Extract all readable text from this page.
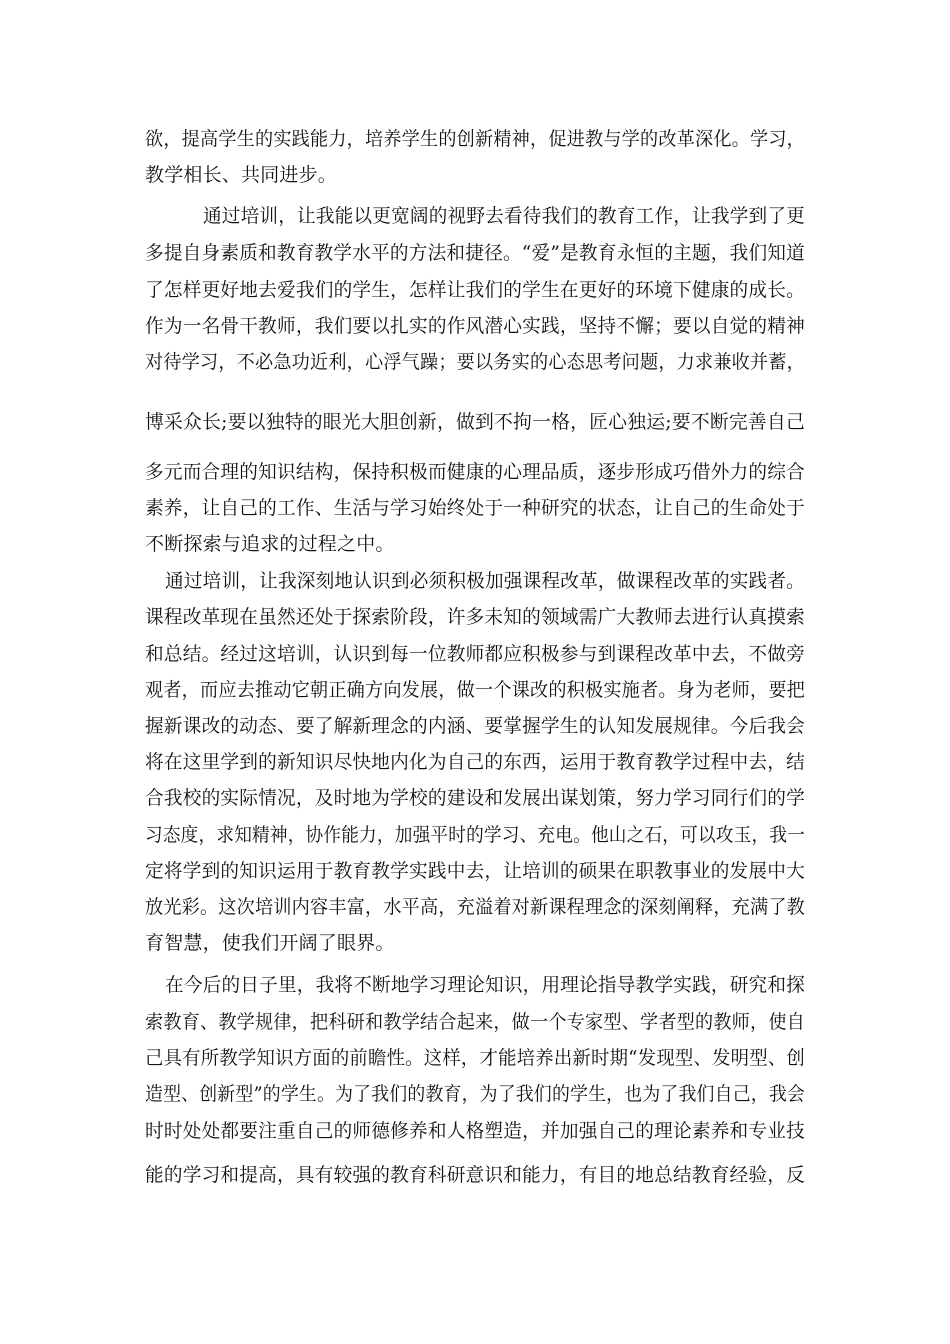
欲，提高学生的实践能力，培养学生的创新精神，促进教与学的改革深化。学习，
教学相长、共同进步。
通过培训，让我能以更宽阔的视野去看待我们的教育工作，让我学到了更
多提自身素质和教育教学水平的方法和捷径。“爱”是教育永恒的主题，我们知道
了怎样更好地去爱我们的学生，怎样让我们的学生在更好的环境下健康的成长。
作为一名骨干教师，我们要以扎实的作风潜心实践，坚持不懈；要以自觉的精神
对待学习，不必急功近利，心浮气躁；要以务实的心态思考问题，力求兼收并蓄，
博采众长;要以独特的眼光大胆创新，做到不拘一格，匠心独运;要不断完善自己
多元而合理的知识结构，保持积极而健康的心理品质，逐步形成巧借外力的综合
素养，让自己的工作、生活与学习始终处于一种研究的状态，让自己的生命处于
不断探索与追求的过程之中。
通过培训，让我深刻地认识到必须积极加强课程改革，做课程改革的实践者。
课程改革现在虽然还处于探索阶段，许多未知的领域需广大教师去进行认真摸索
和总结。经过这培训，认识到每一位教师都应积极参与到课程改革中去，不做旁
观者，而应去推动它朝正确方向发展，做一个课改的积极实施者。身为老师，要把
握新课改的动态、要了解新理念的内涵、要掌握学生的认知发展规律。今后我会
将在这里学到的新知识尽快地内化为自己的东西，运用于教育教学过程中去，结
合我校的实际情况，及时地为学校的建设和发展出谋划策，努力学习同行们的学
习态度，求知精神，协作能力，加强平时的学习、充电。他山之石，可以攻玉，我一
定将学到的知识运用于教育教学实践中去，让培训的硕果在职教事业的发展中大
放光彩。这次培训内容丰富，水平高，充溢着对新课程理念的深刻阐释，充满了教
育智慧，使我们开阔了眼界。
在今后的日子里，我将不断地学习理论知识，用理论指导教学实践，研究和探
索教育、教学规律，把科研和教学结合起来，做一个专家型、学者型的教师，使自
己具有所教学知识方面的前瞻性。这样，才能培养出新时期“发现型、发明型、创
造型、创新型”的学生。为了我们的教育，为了我们的学生，也为了我们自己，我会
时时处处都要注重自己的师德修养和人格塑造，并加强自己的理论素养和专业技
能的学习和提高，具有较强的教育科研意识和能力，有目的地总结教育经验，反
